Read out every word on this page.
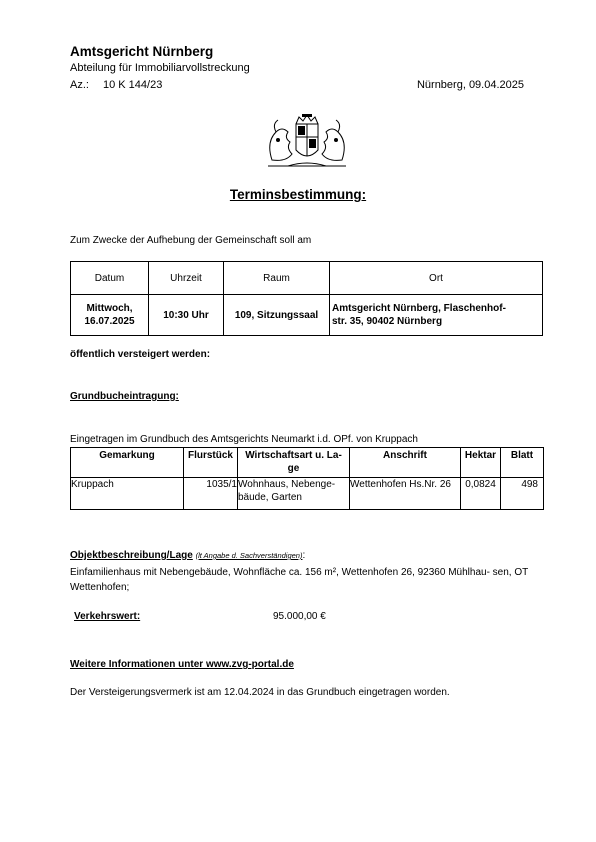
Amtsgericht Nürnberg
Abteilung für Immobiliarvollstreckung
Az.: 10 K 144/23	Nürnberg, 09.04.2025
Terminsbestimmung:
Zum Zwecke der Aufhebung der Gemeinschaft soll am
Datum	Uhrzeit	Raum	Ort
Mittwoch,
16.07.2025	10:30 Uhr	109, Sitzungssaal	Amtsgericht Nürnberg, Flaschenhof-
str. 35, 90402 Nürnberg
öffentlich versteigert werden:
Grundbucheintragung:
Eingetragen im Grundbuch des Amtsgerichts Neumarkt i.d. OPf. von Kruppach
Gemarkung	Flurstück	Wirtschaftsart u. La-
ge	Anschrift	Hektar	Blatt
Kruppach	1035/1	Wohnhaus, Nebenge-
bäude, Garten	Wettenhofen Hs.Nr. 26	0,0824	498
Objektbeschreibung/Lage (lt Angabe d. Sachverständigen):
Einfamilienhaus mit Nebengebäude, Wohnfläche ca. 156 m², Wettenhofen 26, 92360 Mühlhau- sen, OT Wettenhofen;
Verkehrswert:	95.000,00 €
Weitere Informationen unter www.zvg-portal.de
Der Versteigerungsvermerk ist am 12.04.2024 in das Grundbuch eingetragen worden.
